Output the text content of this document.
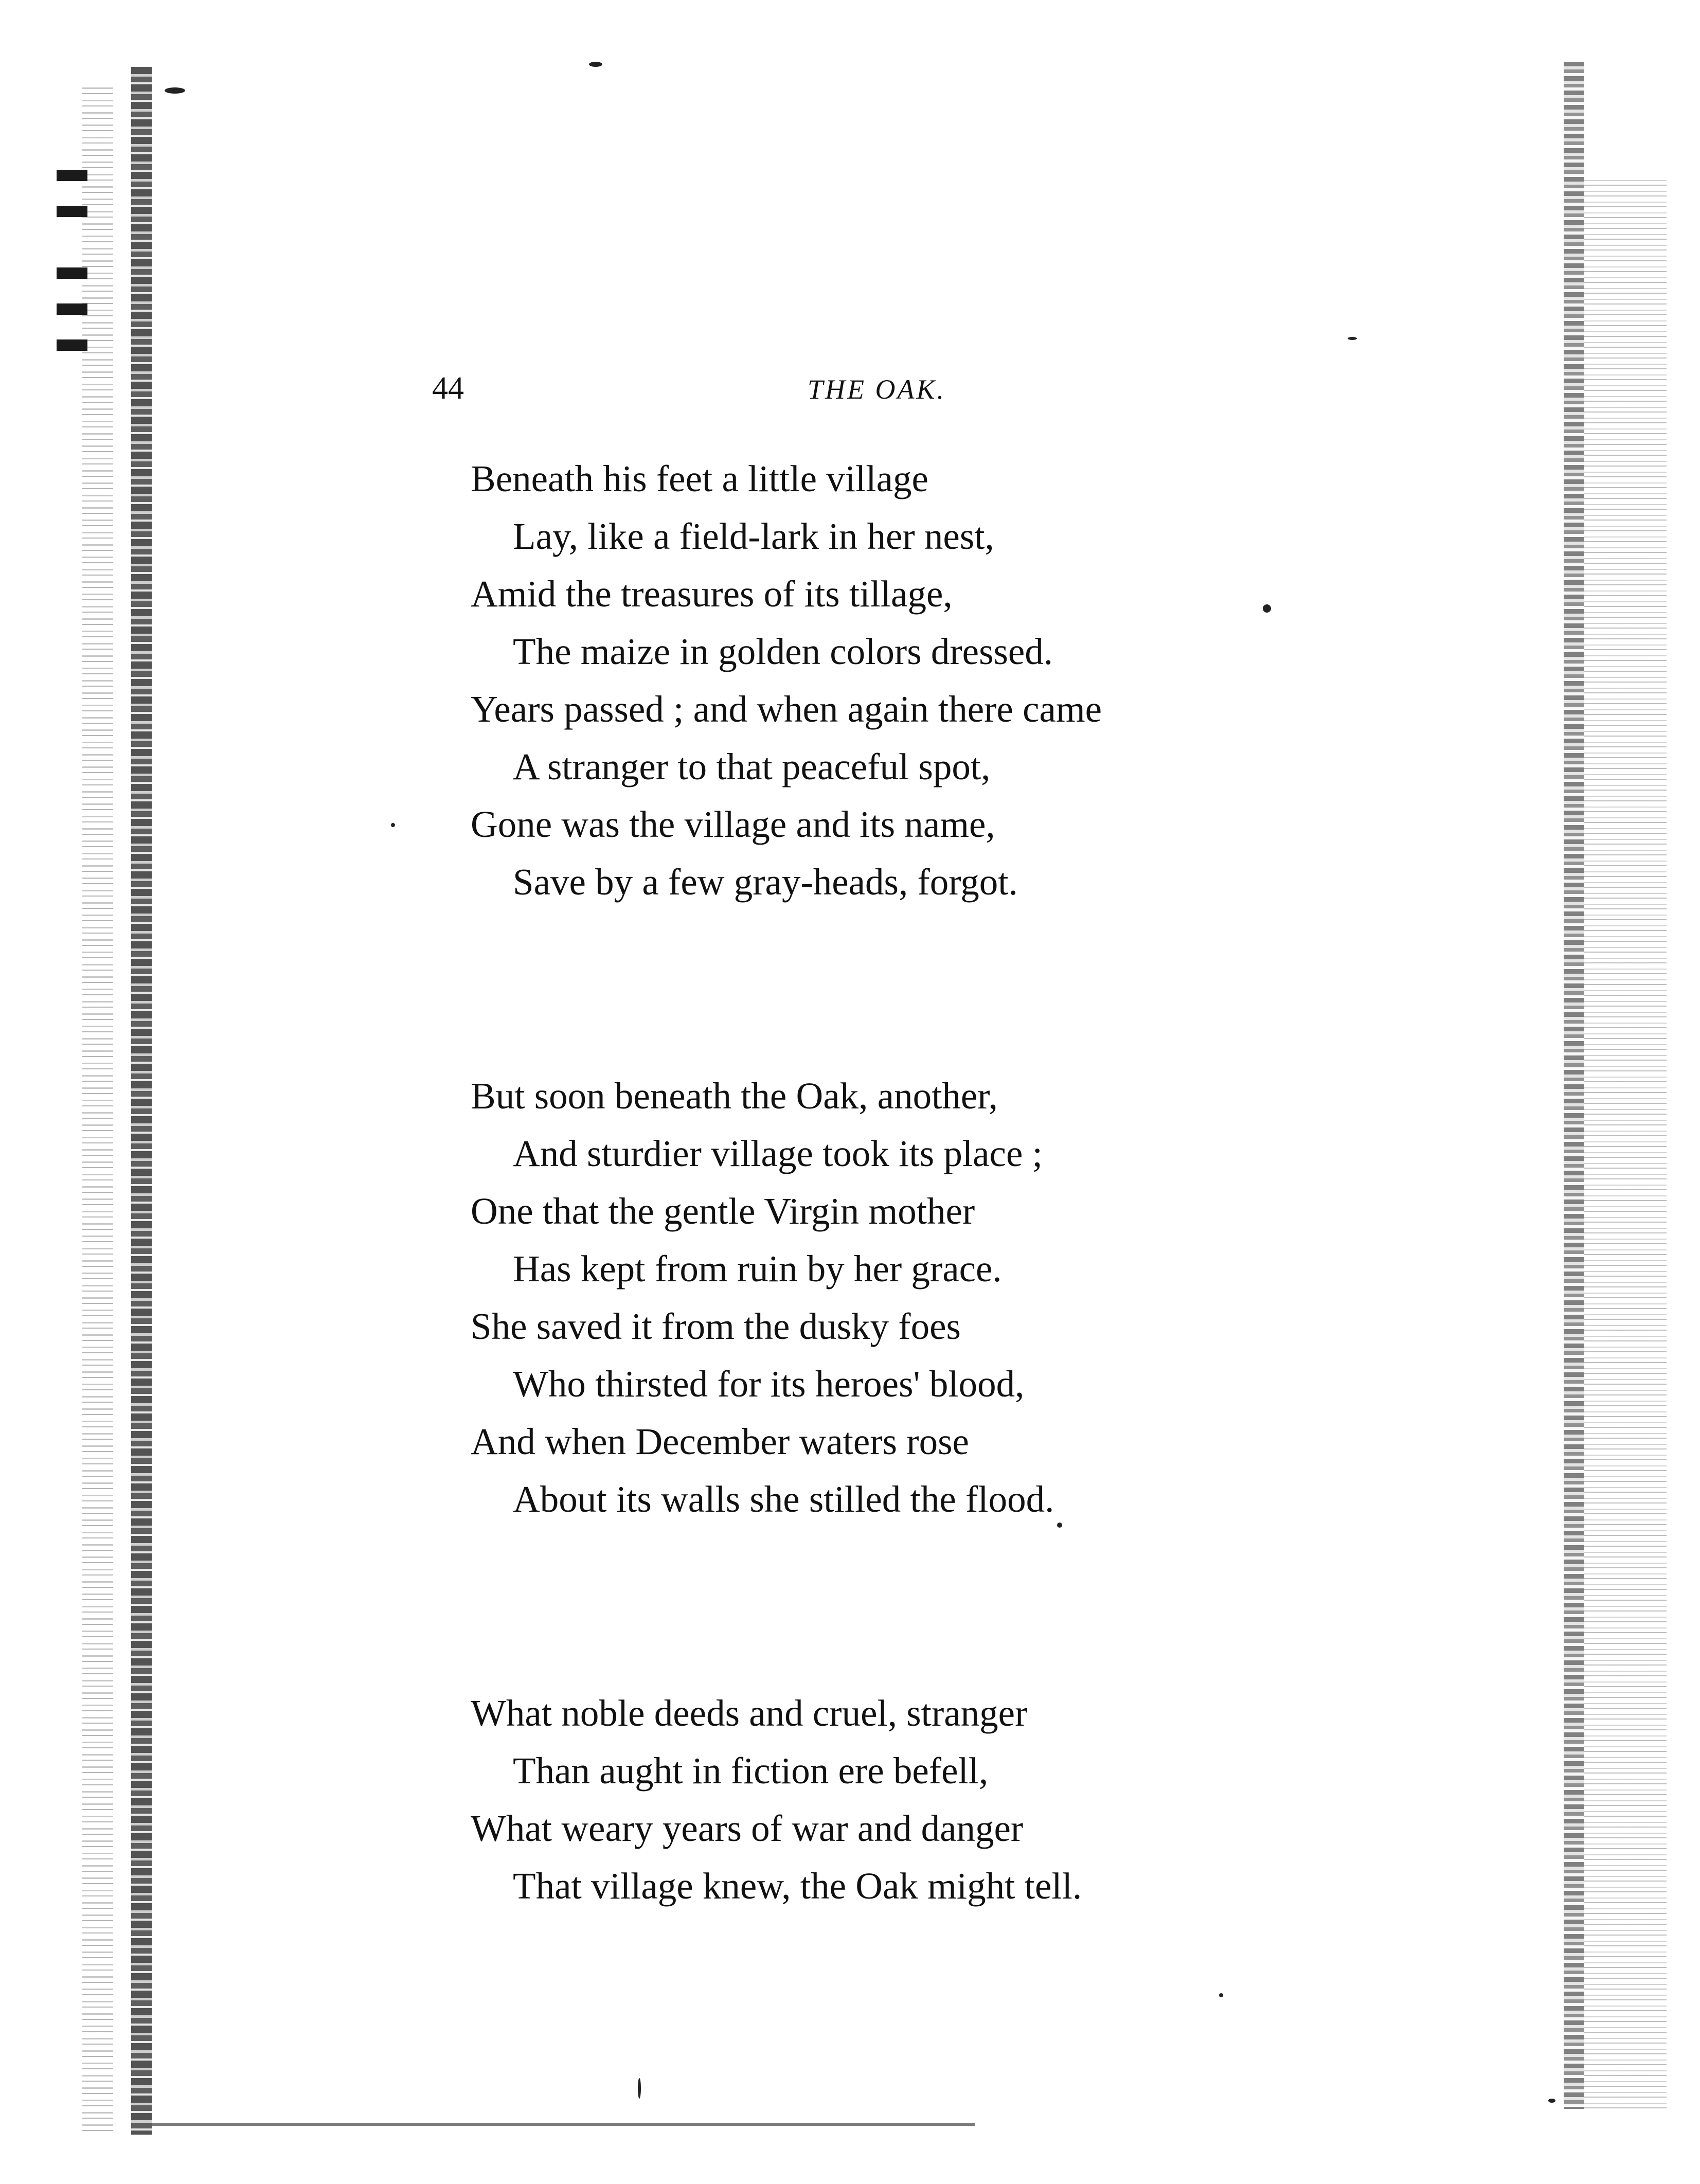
44	THE OAK.
Beneath his feet a little village
Lay, like a field-lark in her nest,
Amid the treasures of its tillage,
The maize in golden colors dressed.
Years passed ; and when again there came
A stranger to that peaceful spot,
Gone was the village and its name,
Save by a few gray-heads, forgot.
But soon beneath the Oak, another,
And sturdier village took its place ;
One that the gentle Virgin mother
Has kept from ruin by her grace.
She saved it from the dusky foes
Who thirsted for its heroes' blood,
And when December waters rose
About its walls she stilled the flood.
What noble deeds and cruel, stranger
Than aught in fiction ere befell,
What weary years of war and danger
That village knew, the Oak might tell.
